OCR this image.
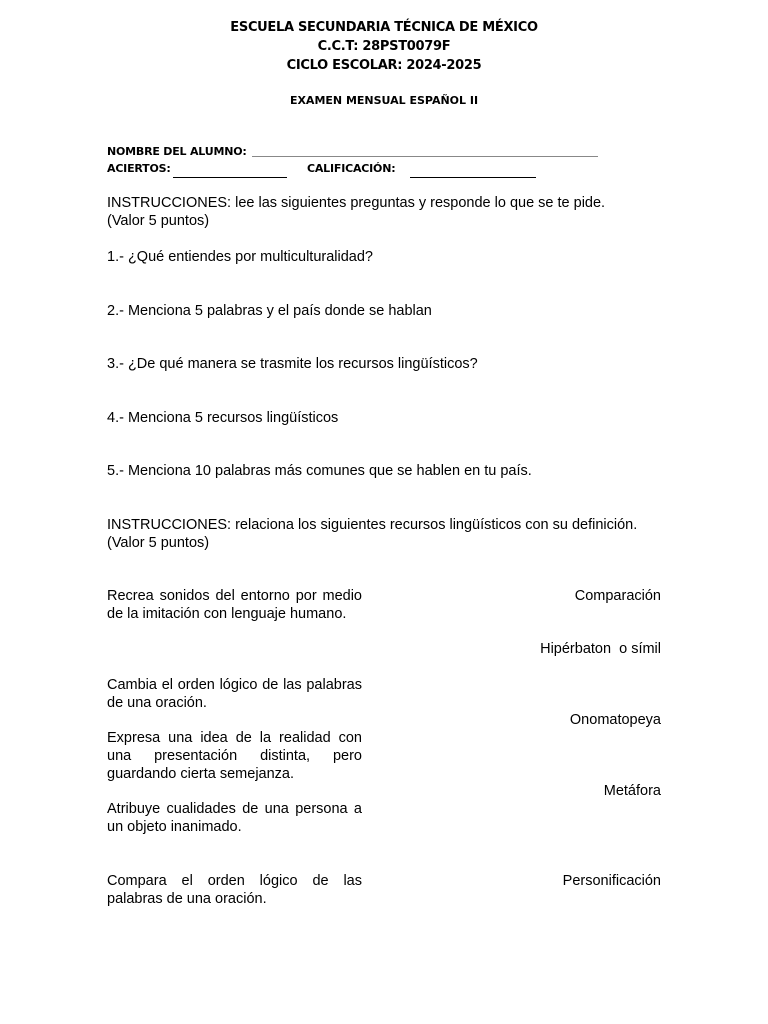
ESCUELA SECUNDARIA TÉCNICA DE MÉXICO
C.C.T: 28PST0079F
CICLO ESCOLAR: 2024-2025
EXAMEN MENSUAL ESPAÑOL II
NOMBRE DEL ALUMNO:
ACIERTOS:	CALIFICACIÓN:
INSTRUCCIONES: lee las siguientes preguntas y responde lo que se te pide.
(Valor 5 puntos)
1.- ¿Qué entiendes por multiculturalidad?
2.- Menciona 5 palabras y el país donde se hablan
3.- ¿De qué manera se trasmite los recursos lingüísticos?
4.- Menciona 5 recursos lingüísticos
5.- Menciona 10 palabras más comunes que se hablen en tu país.
INSTRUCCIONES: relaciona los siguientes recursos lingüísticos con su definición.
(Valor 5 puntos)
Recrea sonidos del entorno por medio de la imitación con lenguaje humano.
Cambia el orden lógico de las palabras de una oración.
Expresa una idea de la realidad con una presentación distinta, pero guardando cierta semejanza.
Atribuye cualidades de una persona a un objeto inanimado.
Compara el orden lógico de las palabras de una oración.
Comparación
Hipérbaton  o símil
Onomatopeya
Metáfora
Personificación
